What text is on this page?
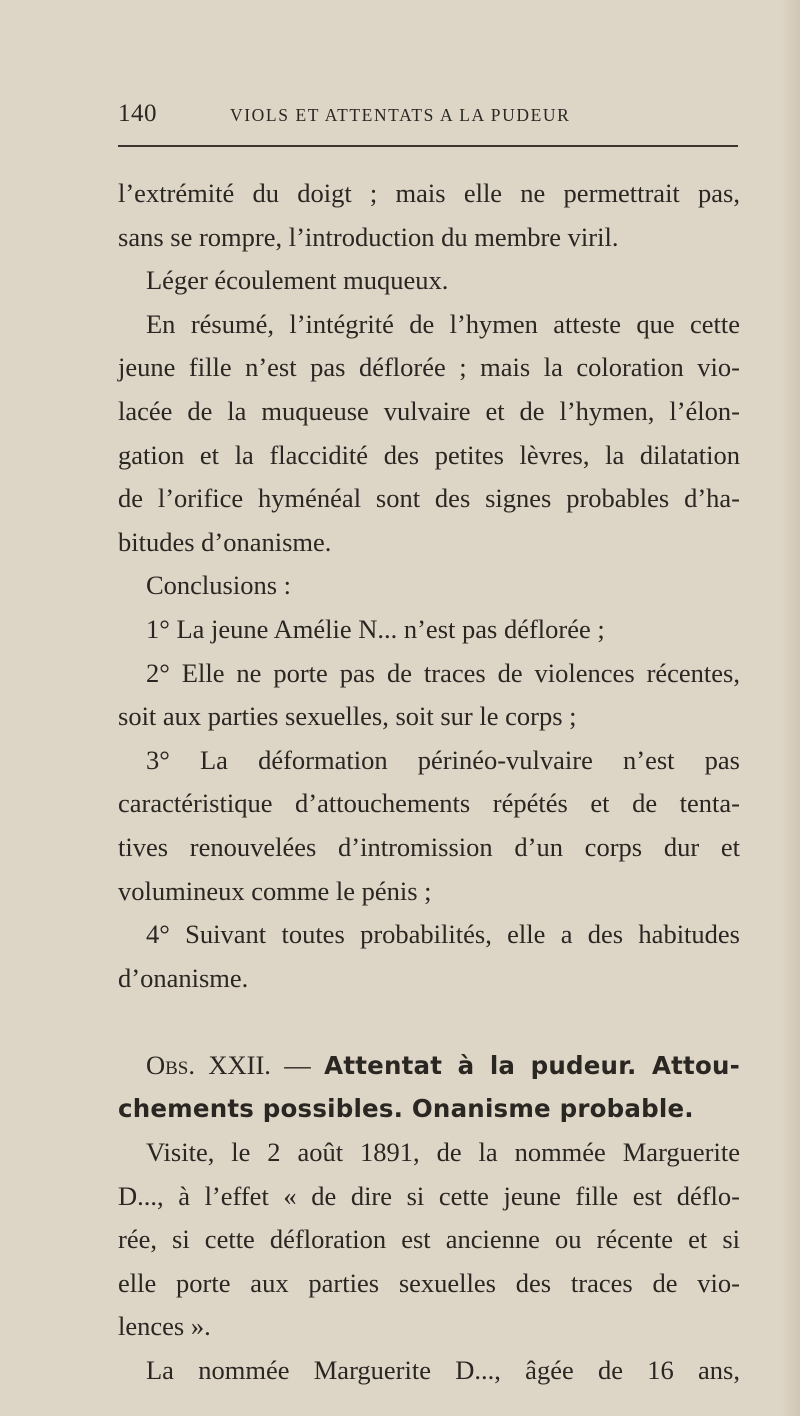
140	VIOLS ET ATTENTATS A LA PUDEUR
l’extrémité du doigt ; mais elle ne permettrait pas,
sans se rompre, l’introduction du membre viril.
Léger écoulement muqueux.
En résumé, l’intégrité de l’hymen atteste que cette
jeune fille n’est pas déflorée ; mais la coloration vio-
lacée de la muqueuse vulvaire et de l’hymen, l’élon-
gation et la flaccidité des petites lèvres, la dilatation
de l’orifice hyménéal sont des signes probables d’ha-
bitudes d’onanisme.
Conclusions :
1° La jeune Amélie N... n’est pas déflorée ;
2° Elle ne porte pas de traces de violences récentes,
soit aux parties sexuelles, soit sur le corps ;
3° La déformation périnéo-vulvaire n’est pas
caractéristique d’attouchements répétés et de tenta-
tives renouvelées d’intromission d’un corps dur et
volumineux comme le pénis ;
4° Suivant toutes probabilités, elle a des habitudes
d’onanisme.
Obs. XXII. — Attentat à la pudeur. Attou-
chements possibles. Onanisme probable.
Visite, le 2 août 1891, de la nommée Marguerite
D..., à l’effet « de dire si cette jeune fille est déflo-
rée, si cette défloration est ancienne ou récente et si
elle porte aux parties sexuelles des traces de vio-
lences ».
La nommée Marguerite D..., âgée de 16 ans,
